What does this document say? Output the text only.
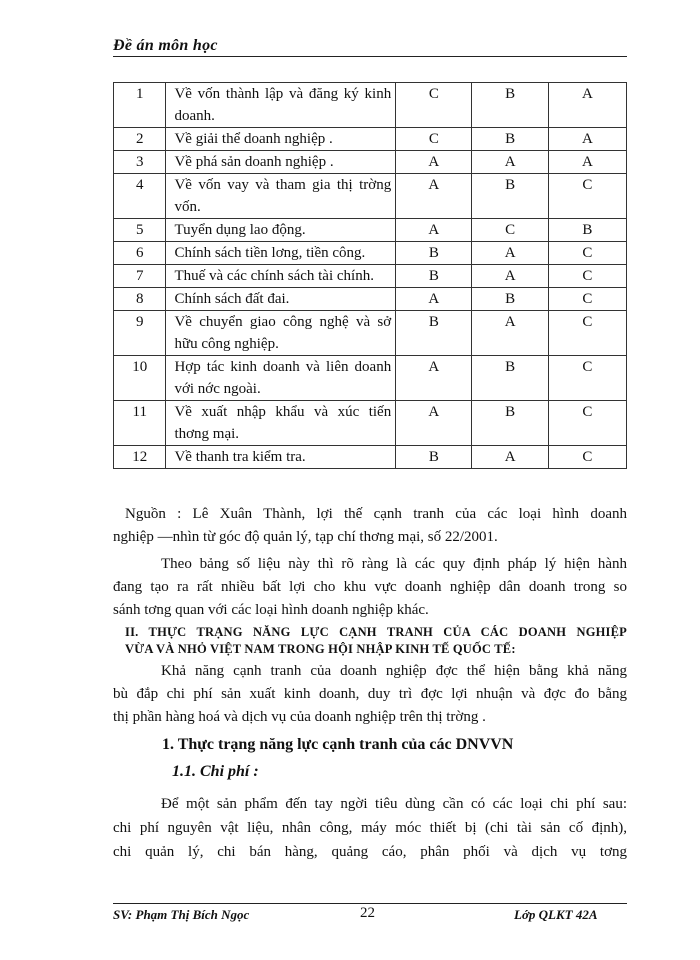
Đề án môn học
1	Về vốn thành lập và đăng ký kinh doanh.	C	B	A
2	Về giải thể doanh nghiệp .	C	B	A
3	Về phá sản doanh nghiệp .	A	A	A
4	Về vốn vay và tham gia thị trờng vốn.	A	B	C
5	Tuyển dụng lao động.	A	C	B
6	Chính sách tiền lơng, tiền công.	B	A	C
7	Thuế và các chính sách tài chính.	B	A	C
8	Chính sách đất đai.	A	B	C
9	Về chuyển giao công nghệ và sở hữu công nghiệp.	B	A	C
10	Hợp tác kinh doanh và liên doanh với nớc ngoài.	A	B	C
11	Về xuất nhập khẩu và xúc tiến thơng mại.	A	B	C
12	Về thanh tra kiểm tra.	B	A	C

Nguồn : Lê Xuân Thành, lợi thế cạnh tranh của các loại hình doanh
nghiệp —nhìn từ góc độ quản lý, tạp chí thơng mại, số 22/2001.

Theo bảng số liệu này thì rõ ràng là các quy định pháp lý hiện hành
đang tạo ra rất nhiều bất lợi cho khu vực doanh nghiệp dân doanh trong so
sánh tơng quan với các loại hình doanh nghiệp khác.

II. THỰC TRẠNG NĂNG LỰC CẠNH TRANH CỦA CÁC DOANH NGHIỆP
VỪA VÀ NHỎ VIỆT NAM TRONG HỘI NHẬP KINH TẾ QUỐC TẾ:

Khả năng cạnh tranh của doanh nghiệp đợc thể hiện bằng khả năng
bù đắp chi phí sản xuất kinh doanh, duy trì đợc lợi nhuận và đợc đo bằng
thị phần hàng hoá và dịch vụ của doanh nghiệp trên thị trờng .

1. Thực trạng năng lực cạnh tranh của các DNVVN
1.1. Chi phí :

Để một sản phẩm đến tay ngời tiêu dùng cần có các loại chi phí sau:
chi phí nguyên vật liệu, nhân công, máy móc thiết bị (chi tài sản cố định),
chi quản lý, chi bán hàng, quảng cáo, phân phối và dịch vụ tơng

SV: Phạm Thị Bích Ngọc	22	Lớp QLKT 42A
